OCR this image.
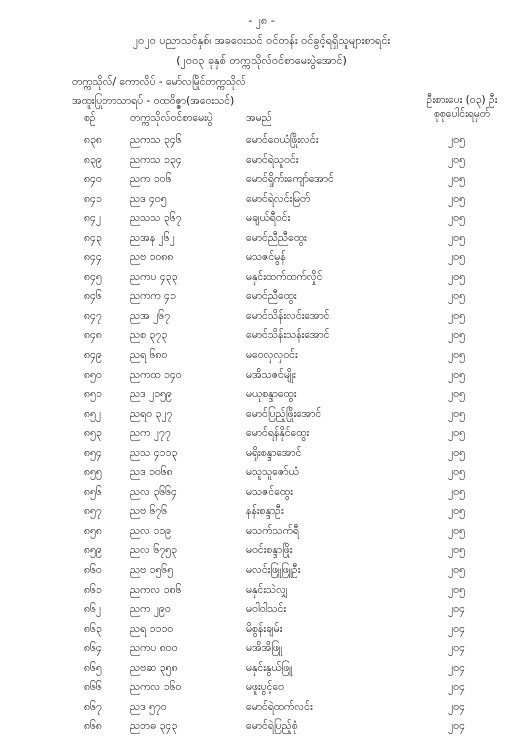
- ၂၈ -
၂၀၂၀ ပညာသင်နှစ်၊ အခဝေးသင် ဝင်တန်း ဝင်ခွင့်ရရှိသူများစာရင်း
(၂၀၀၃ ခုနှစ် တက္ကသိုလ်ဝင်စာမေးပွဲအောင်)
တက္ကသိုလ်/ ကောလိပ် - မော်လမြိုင်တက္ကသိုလ်
အထူးပြုဘာသာရပ် - ဝထဝိဇ္ဇာ(အဝေးသင်)	ဦးစားပေး (၀၃) ဦး
စုစုပေါင်းရမှတ်
စဉ်	တက္ကသိုလ်ဝင်စာမေးပွဲ	အမည်
၈၃၈	ညကသ ၃၄၆	မောင်ဝေယံဖြိုးလင်း	၂၀၅
၈၃၉	ညကသ ၁၃၄	မောင်ရဲသူဝင်း	၂၀၅
၈၄၀	ညက ၁၀၆	မောင်ရှိုက်းကျော်အောင်	၂၀၅
၈၄၁	ညဒ ၄၀၅	မောင်ရဲလင်းမြတ်	၂၀၅
၈၄၂	ညသသ ၃၆၇	မချယ်ရီဝင်း	၂၀၅
၈၄၃	ညအန ၂၆၂	မောင်ညီညီထွေး	၂၀၅
၈၄၄	ညဗ ၁၀၈၈	မသဇင်မွန်	၂၀၅
၈၄၅	ညကပ ၄၃၃	မနှင်းထက်ထက်လှိုင်	၂၀၅
၈၄၆	ညကက ၄၁	မောင်ညီထွေး	၂၀၅
၈၄၇	ညအ ၂၆၇	မောင်သိန်းလင်းအောင်	၂၀၅
၈၄၈	ညစ ၃၇၃	မောင်သိန်းသန်းအောင်	၂၀၅
၈၄၉	ညရ ၆၈၀	မဝေလှလှဝင်း	၂၀၅
၈၅၀	ညကထ ၁၄၀	မအိသဇင်မျိုး	၂၀၅
၈၅၁	ညဒ ၂၁၅၉	မယုစန္ဒာထွေး	၂၀၅
၈၅၂	ညရ၀ ၃၂၇	မောင်ပြည့်ဖြိုးအောင်	၂၀၅
၈၅၃	ညက ၂၇၇	မောင်ရန်နိုင်ထွေး	၂၀၅
၈၅၄	ညသ ၄၁၁၃	မရိုးစန္ဒာအောင်	၂၀၅
၈၅၅	ညဒ ၁၀၆၈	မသူသူဇော်ယံ	၂၀၅
၈၅၆	ညလ ၃၆၆၄	မသဇင်ထွေး	၂၀၅
၈၅၇	ညဗ ၆၇၆	နန်းစန္ဒာဦး	၂၀၅
၈၅၈	ညလ ၁၁၉	မသက်သက်ရီ	၂၀၅
၈၅၉	ညလ ၆၇၅၃	မဝင်းစန္ဒာဖြိုး	၂၀၅
၈၆၀	ညဗ ၁၅၆၅	မလင်းဖြူဖြူဦး	၂၀၅
၈၆၁	ညကလ ၁၈၆	မနှင်းသဲလျှ	၂၀၅
၈၆၂	ညက ၂၉၀	မဝါဝါသင်း	၂၀၄
၈၆၃	ညရ ၁၁၁၀	မိစွန်းချမ်း	၂၀၄
၈၆၄	ညကပ ၈၀၀	မအိအိဖြူ	၂၀၄
၈၆၅	ညဗဆ ၃၅၈	မနှင်းနွယ်ဖြူ	၂၀၄
၈၆၆	ညကလ ၁၆၀	မဖူးပွင့်ဝေ	၂၀၄
၈၆၇	ညဒ ၅၇၀	မောင်ရဲထက်လင်း	၂၀၄
၈၆၈	ညဘဓ ၃၄၃	မောင်ရဲပြည့်စုံ	၂၀၄
